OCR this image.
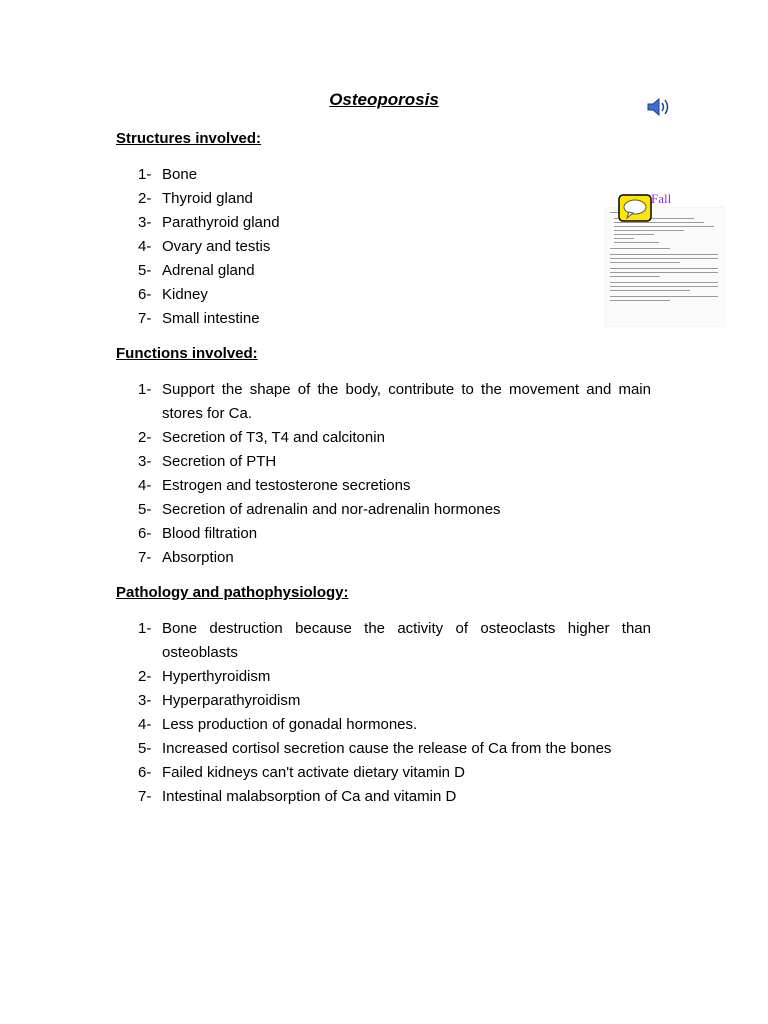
Osteoporosis
Structures involved:
1- Bone
2- Thyroid gland
3- Parathyroid gland
4- Ovary and testis
5- Adrenal gland
6- Kidney
7- Small intestine
Functions involved:
1- Support the shape of the body, contribute to the movement and main stores for Ca.
2- Secretion of T3, T4 and calcitonin
3- Secretion of PTH
4- Estrogen and testosterone secretions
5- Secretion of adrenalin and nor-adrenalin hormones
6- Blood filtration
7- Absorption
Pathology and pathophysiology:
1- Bone destruction because the activity of osteoclasts higher than osteoblasts
2- Hyperthyroidism
3- Hyperparathyroidism
4- Less production of gonadal hormones.
5- Increased cortisol secretion cause the release of Ca from the bones
6- Failed kidneys can't activate dietary vitamin D
7- Intestinal malabsorption of Ca and vitamin D
Fall
